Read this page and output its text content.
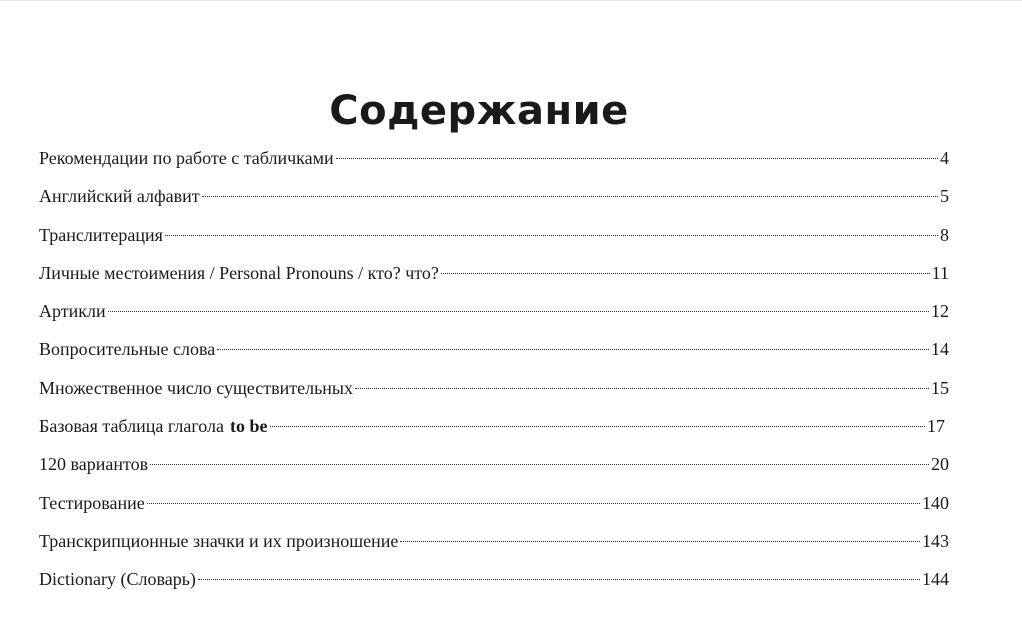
Содержание
Рекомендации по работе с табличками	4
Английский алфавит	5
Транслитерация	8
Личные местоимения / Personal Pronouns / кто? что?	11
Артикли	12
Вопросительные слова	14
Множественное число существительных	15
Базовая таблица глагола to be	17
120 вариантов	20
Тестирование	140
Транскрипционные значки и их произношение	143
Dictionary (Словарь)	144
